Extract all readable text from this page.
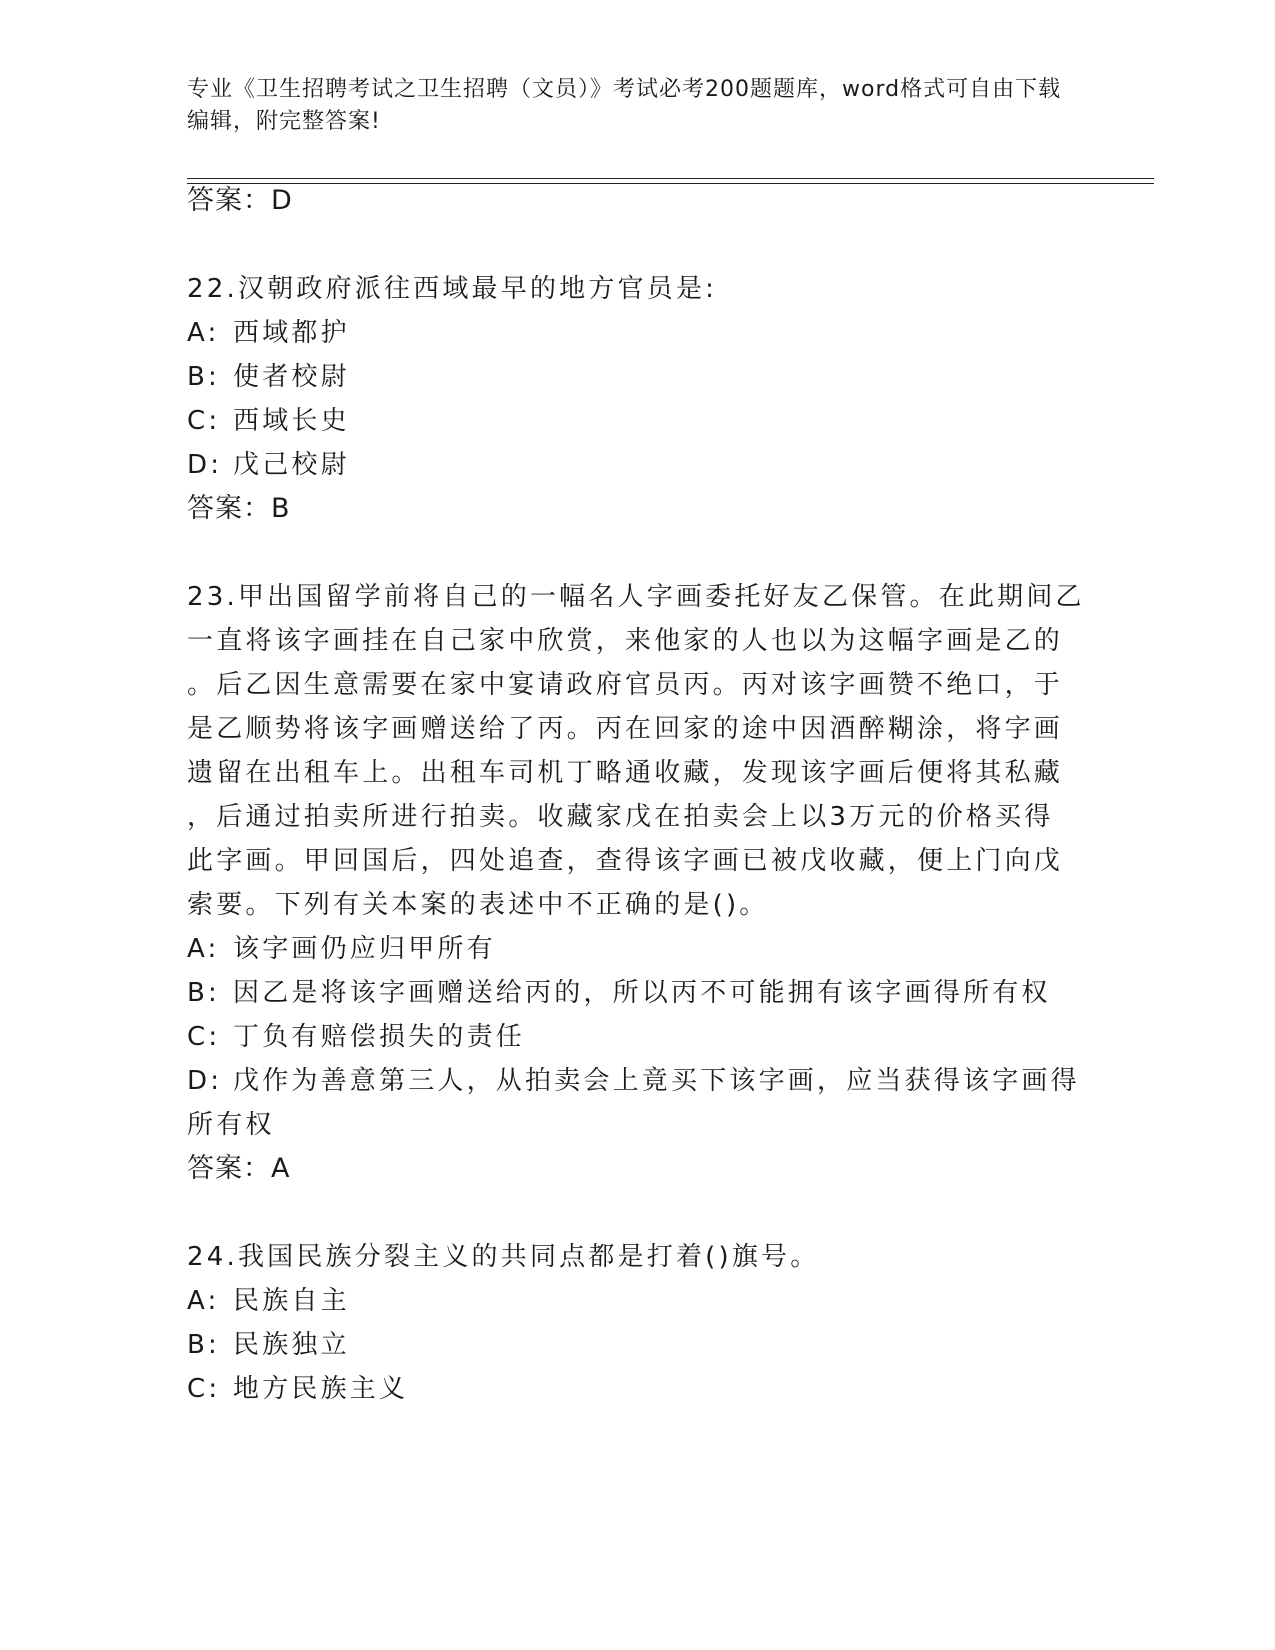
专业《卫生招聘考试之卫生招聘（文员）》考试必考200题题库，word格式可自由下载编辑，附完整答案!
答案：D
22.汉朝政府派往西域最早的地方官员是:
A: 西域都护
B: 使者校尉
C: 西域长史
D: 戊己校尉
答案：B
23.甲出国留学前将自己的一幅名人字画委托好友乙保管。在此期间乙
一直将该字画挂在自己家中欣赏，来他家的人也以为这幅字画是乙的
。后乙因生意需要在家中宴请政府官员丙。丙对该字画赞不绝口，于
是乙顺势将该字画赠送给了丙。丙在回家的途中因酒醉糊涂，将字画
遗留在出租车上。出租车司机丁略通收藏，发现该字画后便将其私藏
，后通过拍卖所进行拍卖。收藏家戊在拍卖会上以3万元的价格买得
此字画。甲回国后，四处追查，查得该字画已被戊收藏，便上门向戊
索要。下列有关本案的表述中不正确的是()。
A: 该字画仍应归甲所有
B: 因乙是将该字画赠送给丙的，所以丙不可能拥有该字画得所有权
C: 丁负有赔偿损失的责任
D: 戊作为善意第三人，从拍卖会上竟买下该字画，应当获得该字画得
所有权
答案：A
24.我国民族分裂主义的共同点都是打着()旗号。
A: 民族自主
B: 民族独立
C: 地方民族主义
